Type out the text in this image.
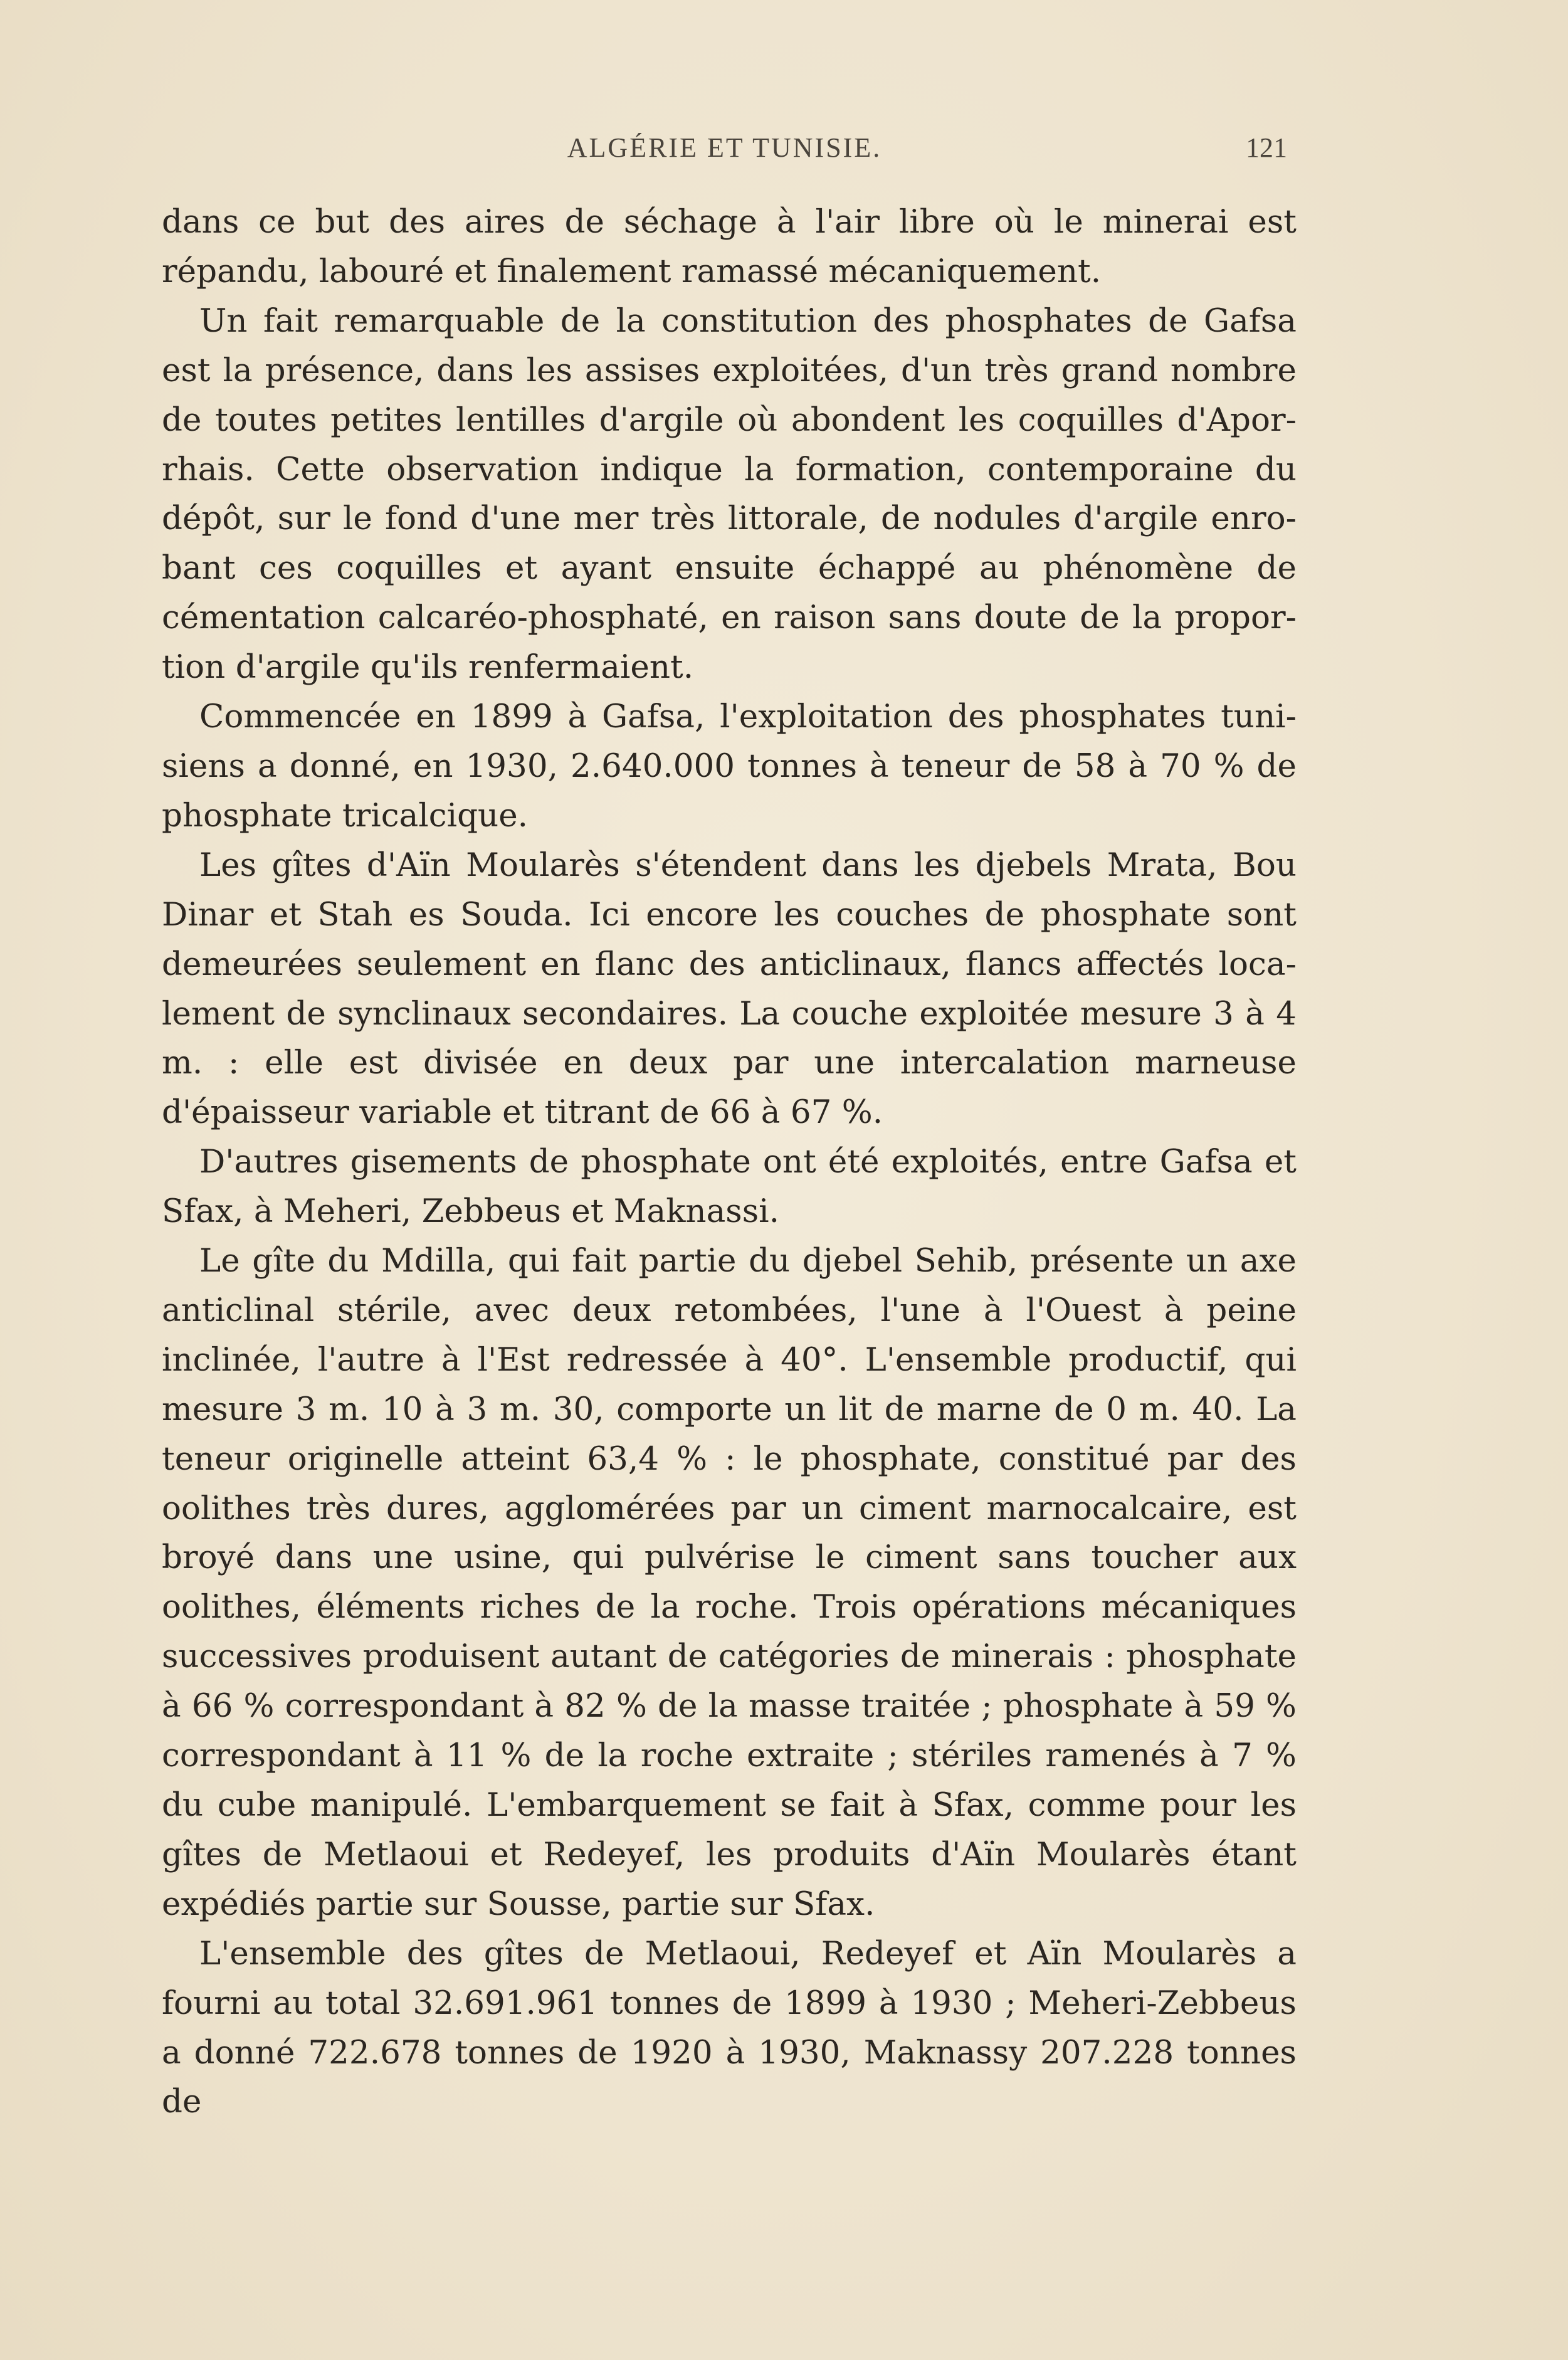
ALGÉRIE ET TUNISIE.	121

dans ce but des aires de séchage à l'air libre où le minerai est répandu, labouré et finalement ramassé mécaniquement.

Un fait remarquable de la constitution des phosphates de Gafsa est la présence, dans les assises exploitées, d'un très grand nombre de toutes petites lentilles d'argile où abondent les coquilles d'Apor-rhais. Cette observation indique la formation, contemporaine du dépôt, sur le fond d'une mer très littorale, de nodules d'argile enro-bant ces coquilles et ayant ensuite échappé au phénomène de cémentation calcaréo-phosphaté, en raison sans doute de la propor-tion d'argile qu'ils renfermaient.

Commencée en 1899 à Gafsa, l'exploitation des phosphates tuni-siens a donné, en 1930, 2.640.000 tonnes à teneur de 58 à 70 % de phosphate tricalcique.

Les gîtes d'Aïn Moularès s'étendent dans les djebels Mrata, Bou Dinar et Stah es Souda. Ici encore les couches de phosphate sont demeurées seulement en flanc des anticlinaux, flancs affectés loca-lement de synclinaux secondaires. La couche exploitée mesure 3 à 4 m. : elle est divisée en deux par une intercalation marneuse d'épaisseur variable et titrant de 66 à 67 %.

D'autres gisements de phosphate ont été exploités, entre Gafsa et Sfax, à Meheri, Zebbeus et Maknassi.

Le gîte du Mdilla, qui fait partie du djebel Sehib, présente un axe anticlinal stérile, avec deux retombées, l'une à l'Ouest à peine inclinée, l'autre à l'Est redressée à 40°. L'ensemble productif, qui mesure 3 m. 10 à 3 m. 30, comporte un lit de marne de 0 m. 40. La teneur originelle atteint 63,4 % : le phosphate, constitué par des oolithes très dures, agglomérées par un ciment marnocalcaire, est broyé dans une usine, qui pulvérise le ciment sans toucher aux oolithes, éléments riches de la roche. Trois opérations mécaniques successives produisent autant de catégories de minerais : phosphate à 66 % correspondant à 82 % de la masse traitée ; phosphate à 59 % correspondant à 11 % de la roche extraite ; stériles ramenés à 7 % du cube manipulé. L'embarquement se fait à Sfax, comme pour les gîtes de Metlaoui et Redeyef, les produits d'Aïn Moularès étant expédiés partie sur Sousse, partie sur Sfax.

L'ensemble des gîtes de Metlaoui, Redeyef et Aïn Moularès a fourni au total 32.691.961 tonnes de 1899 à 1930 ; Meheri-Zebbeus a donné 722.678 tonnes de 1920 à 1930, Maknassy 207.228 tonnes de
